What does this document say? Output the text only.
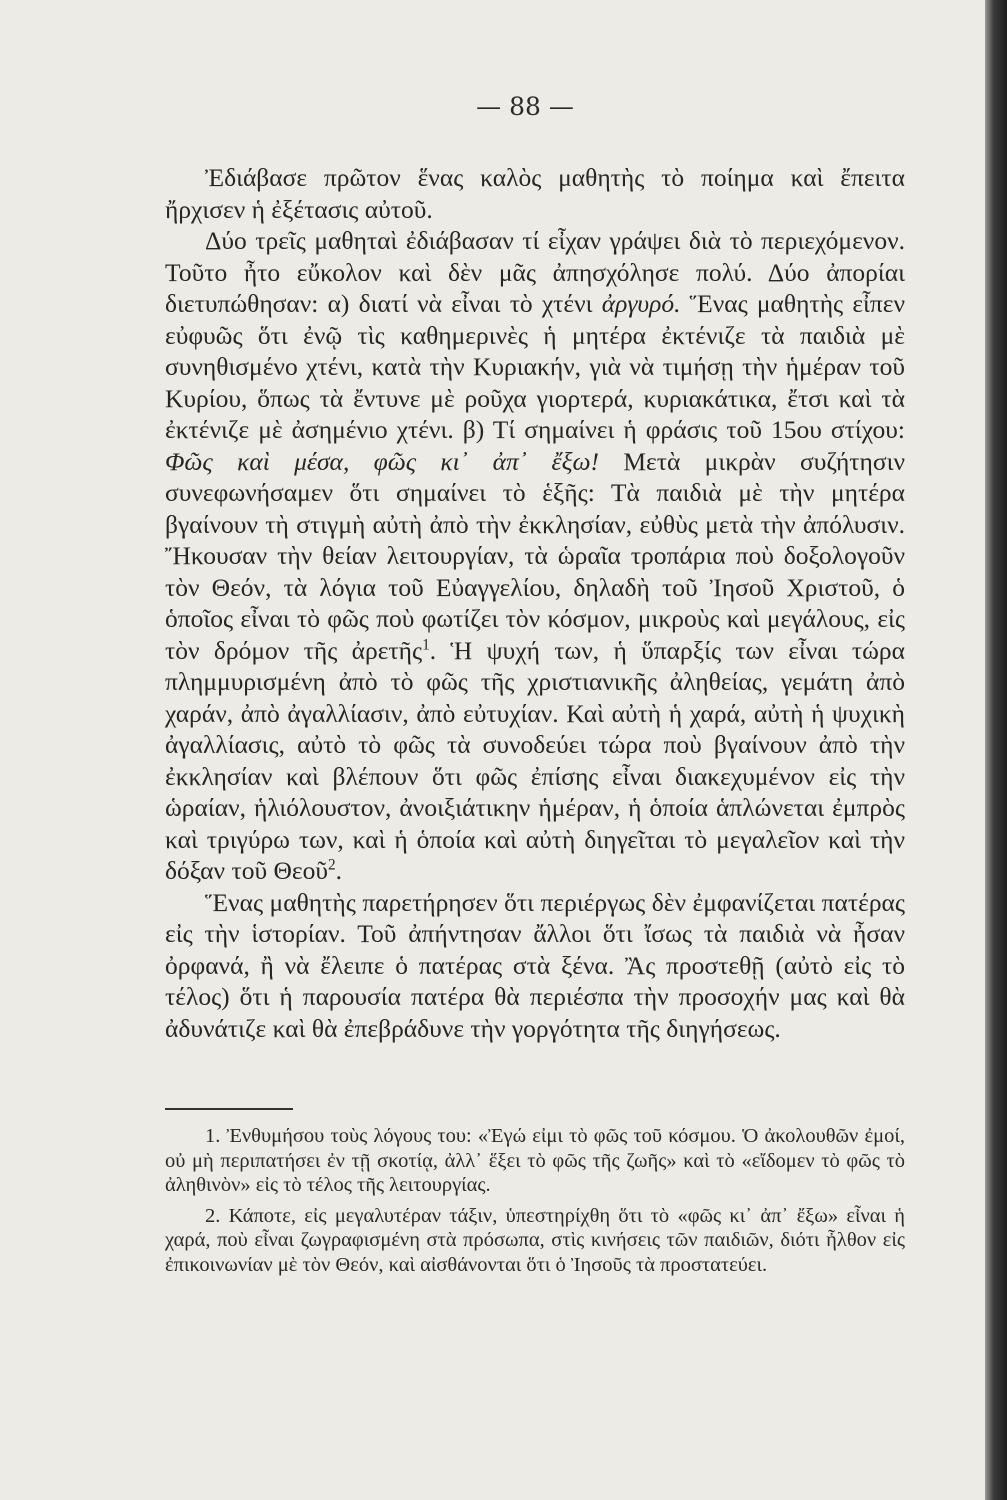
— 88 —

Ἐδιάβασε πρῶτον ἕνας καλὸς μαθητὴς τὸ ποίημα καὶ ἔπειτα ἤρχισεν ἡ ἐξέτασις αὐτοῦ.

Δύο τρεῖς μαθηταὶ ἐδιάβασαν τί εἶχαν γράψει διὰ τὸ περιεχόμενον. Τοῦτο ἦτο εὔκολον καὶ δὲν μᾶς ἀπησχόλησε πολύ. Δύο ἀπορίαι διετυπώθησαν: α) διατί νὰ εἶναι τὸ χτένι ἀργυρό. Ἕνας μαθητὴς εἶπεν εὐφυῶς ὅτι ἐνῷ τὶς καθημερινὲς ἡ μητέρα ἐκτένιζε τὰ παιδιὰ μὲ συνηθισμένο χτένι, κατὰ τὴν Κυριακήν, γιὰ νὰ τιμήσῃ τὴν ἡμέραν τοῦ Κυρίου, ὅπως τὰ ἔντυνε μὲ ροῦχα γιορτερά, κυριακάτικα, ἔτσι καὶ τὰ ἐκτένιζε μὲ ἀσημένιο χτένι. β) Τί σημαίνει ἡ φράσις τοῦ 15ου στίχου: Φῶς καὶ μέσα, φῶς κι᾿ ἀπ᾿ ἔξω! Μετὰ μικρὰν συζήτησιν συνεφωνήσαμεν ὅτι σημαίνει τὸ ἑξῆς: Τὰ παιδιὰ μὲ τὴν μητέρα βγαίνουν τὴ στιγμὴ αὐτὴ ἀπὸ τὴν ἐκκλησίαν, εὐθὺς μετὰ τὴν ἀπόλυσιν. Ἤκουσαν τὴν θείαν λειτουργίαν, τὰ ὡραῖα τροπάρια ποὺ δοξολογοῦν τὸν Θεόν, τὰ λόγια τοῦ Εὐαγγελίου, δηλαδὴ τοῦ Ἰησοῦ Χριστοῦ, ὁ ὁποῖος εἶναι τὸ φῶς ποὺ φωτίζει τὸν κόσμον, μικροὺς καὶ μεγάλους, εἰς τὸν δρόμον τῆς ἀρετῆς$^1$. Ἡ ψυχή των, ἡ ὕπαρξίς των εἶναι τώρα πλημμυρισμένη ἀπὸ τὸ φῶς τῆς χριστιανικῆς ἀληθείας, γεμάτη ἀπὸ χαράν, ἀπὸ ἀγαλλίασιν, ἀπὸ εὐτυχίαν. Καὶ αὐτὴ ἡ χαρά, αὐτὴ ἡ ψυχικὴ ἀγαλλίασις, αὐτὸ τὸ φῶς τὰ συνοδεύει τώρα ποὺ βγαίνουν ἀπὸ τὴν ἐκκλησίαν καὶ βλέπουν ὅτι φῶς ἐπίσης εἶναι διακεχυμένον εἰς τὴν ὡραίαν, ἡλιόλουστον, ἀνοιξιάτικην ἡμέραν, ἡ ὁποία ἁπλώνεται ἐμπρὸς καὶ τριγύρω των, καὶ ἡ ὁποία καὶ αὐτὴ διηγεῖται τὸ μεγαλεῖον καὶ τὴν δόξαν τοῦ Θεοῦ$^2$.

Ἕνας μαθητὴς παρετήρησεν ὅτι περιέργως δὲν ἐμφανίζεται πατέρας εἰς τὴν ἱστορίαν. Τοῦ ἀπήντησαν ἄλλοι ὅτι ἴσως τὰ παιδιὰ νὰ ἦσαν ὀρφανά, ἢ νὰ ἔλειπε ὁ πατέρας στὰ ξένα. Ἂς προστεθῇ (αὐτὸ εἰς τὸ τέλος) ὅτι ἡ παρουσία πατέρα θὰ περιέσπα τὴν προσοχήν μας καὶ θὰ ἀδυνάτιζε καὶ θὰ ἐπεβράδυνε τὴν γοργότητα τῆς διηγήσεως.

1. Ἐνθυμήσου τοὺς λόγους του: «Ἐγώ εἰμι τὸ φῶς τοῦ κόσμου. Ὁ ἀκολουθῶν ἐμοί, οὐ μὴ περιπατήσει ἐν τῇ σκοτίᾳ, ἀλλ᾿ ἕξει τὸ φῶς τῆς ζωῆς» καὶ τὸ «εἴδομεν τὸ φῶς τὸ ἀληθινὸν» εἰς τὸ τέλος τῆς λειτουργίας.

2. Κάποτε, εἰς μεγαλυτέραν τάξιν, ὑπεστηρίχθη ὅτι τὸ «φῶς κι᾿ ἀπ᾿ ἔξω» εἶναι ἡ χαρά, ποὺ εἶναι ζωγραφισμένη στὰ πρόσωπα, στὶς κινήσεις τῶν παιδιῶν, διότι ἦλθον εἰς ἐπικοινωνίαν μὲ τὸν Θεόν, καὶ αἰσθάνονται ὅτι ὁ Ἰησοῦς τὰ προστατεύει.
